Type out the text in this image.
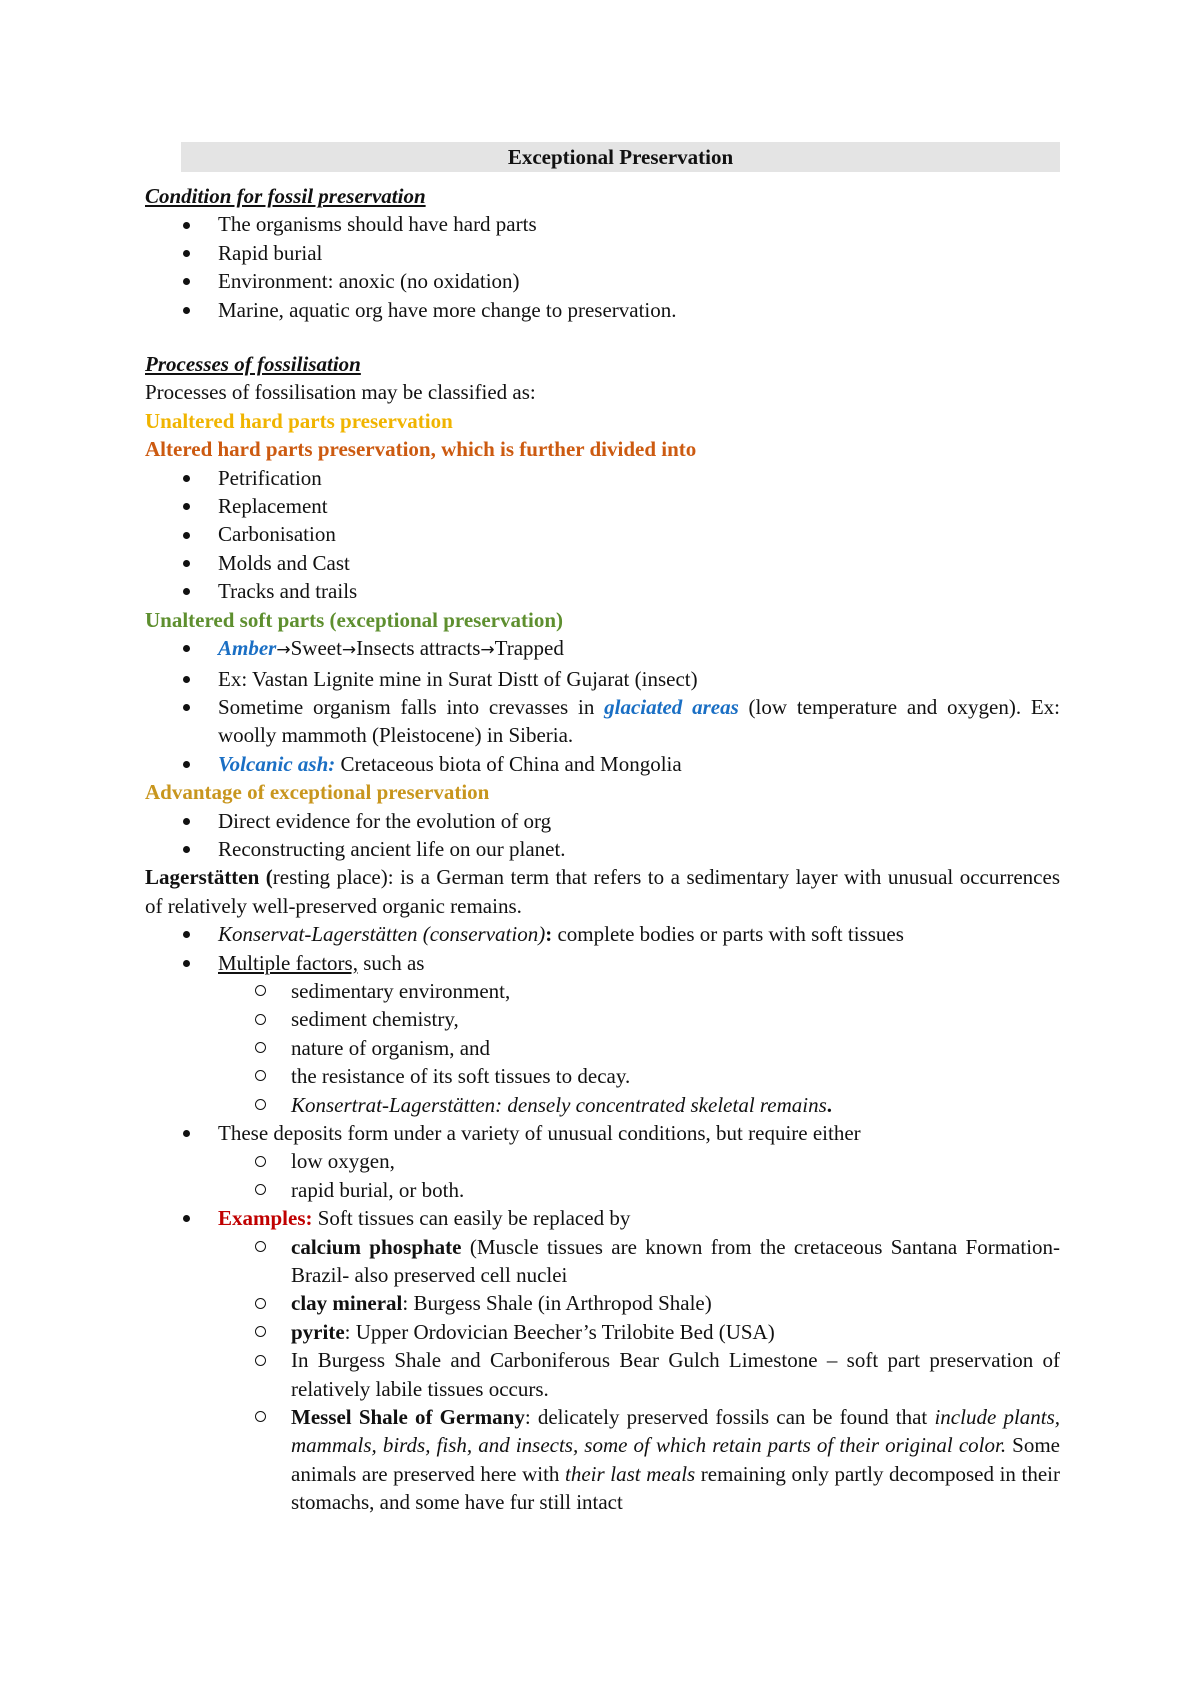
Exceptional Preservation
Condition for fossil preservation
The organisms should have hard parts
Rapid burial
Environment: anoxic (no oxidation)
Marine, aquatic org have more change to preservation.
Processes of fossilisation

Processes of fossilisation may be classified as:

Unaltered hard parts preservation

Altered hard parts preservation, which is further divided into

Petrification
Replacement
Carbonisation
Molds and Cast
Tracks and trails

Unaltered soft parts (exceptional preservation)

Amber→Sweet→Insects attracts→Trapped
Ex: Vastan Lignite mine in Surat Distt of Gujarat (insect)
Sometime organism falls into crevasses in glaciated areas (low temperature and oxygen). Ex: woolly mammoth (Pleistocene) in Siberia.
Volcanic ash: Cretaceous biota of China and Mongolia

Advantage of exceptional preservation

Direct evidence for the evolution of org
Reconstructing ancient life on our planet.

Lagerstätten (resting place): is a German term that refers to a sedimentary layer with unusual occurrences of relatively well-preserved organic remains.

Konservat-Lagerstätten (conservation): complete bodies or parts with soft tissues
Multiple factors, such as
sedimentary environment,
sediment chemistry,
nature of organism, and
the resistance of its soft tissues to decay.
Konsertrat-Lagerstätten: densely concentrated skeletal remains.
These deposits form under a variety of unusual conditions, but require either
low oxygen,
rapid burial, or both.
Examples: Soft tissues can easily be replaced by
calcium phosphate (Muscle tissues are known from the cretaceous Santana Formation- Brazil- also preserved cell nuclei
clay mineral: Burgess Shale (in Arthropod Shale)
pyrite: Upper Ordovician Beecher’s Trilobite Bed (USA)
In Burgess Shale and Carboniferous Bear Gulch Limestone – soft part preservation of relatively labile tissues occurs.
Messel Shale of Germany: delicately preserved fossils can be found that include plants, mammals, birds, fish, and insects, some of which retain parts of their original color. Some animals are preserved here with their last meals remaining only partly decomposed in their stomachs, and some have fur still intact
